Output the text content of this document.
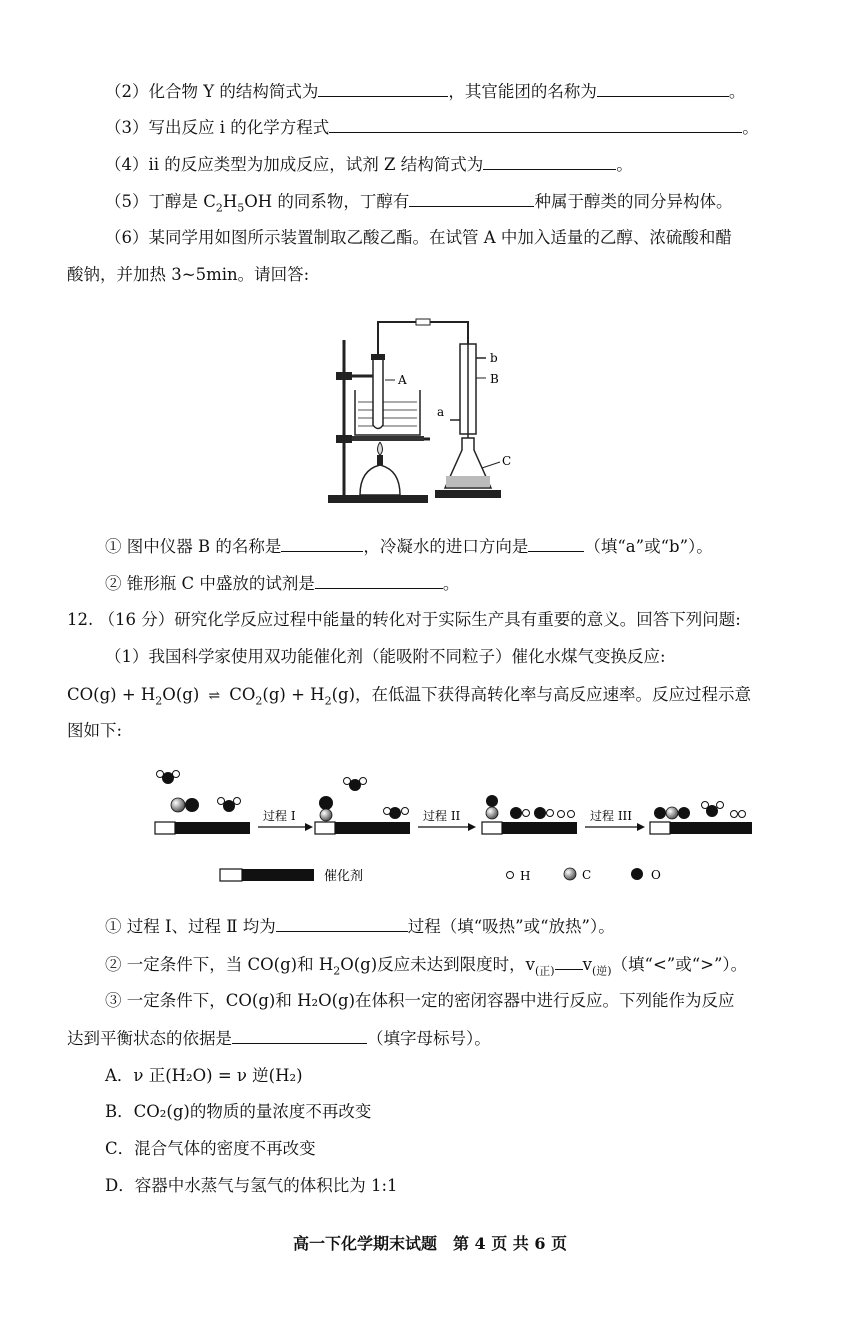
（2）化合物 Y 的结构简式为	，其官能团的名称为	。
（3）写出反应 ⅰ 的化学方程式	。
（4）ⅱ 的反应类型为加成反应，试剂 Z 结构简式为	。
（5）丁醇是 $C_2H_5OH$ 的同系物，丁醇有	种属于醇类的同分异构体。
（6）某同学用如图所示装置制取乙酸乙酯。在试管 A 中加入适量的乙醇、浓硫酸和醋
酸钠，并加热 3~5min。请回答:
A
b
B
a
C
① 图中仪器 B 的名称是	，冷凝水的进口方向是	（填“a”或“b”）。
② 锥形瓶 C 中盛放的试剂是	。
12. （16 分）研究化学反应过程中能量的转化对于实际生产具有重要的意义。回答下列问题:
（1）我国科学家使用双功能催化剂（能吸附不同粒子）催化水煤气变换反应:
$CO(g) + H_2O(g)$ ⇌ $CO_2(g) + H_2(g)$，在低温下获得高转化率与高反应速率。反应过程示意
图如下:
过程 I	过程 II	过程 III
催化剂	H	C	O
① 过程 Ⅰ、过程 Ⅱ 均为	过程（填“吸热”或“放热”）。
② 一定条件下，当 CO(g)和 $H_2O(g)$反应未达到限度时，$v_{(正)}$ $v_{(逆)}$（填“<”或“>”）。
③ 一定条件下，CO(g)和 H₂O(g)在体积一定的密闭容器中进行反应。下列能作为反应
达到平衡状态的依据是	（填字母标号）。
A．ν 正(H₂O) = ν 逆(H₂)
B．CO₂(g)的物质的量浓度不再改变
C．混合气体的密度不再改变
D．容器中水蒸气与氢气的体积比为 1:1
高一下化学期末试题　第 4 页 共 6 页
